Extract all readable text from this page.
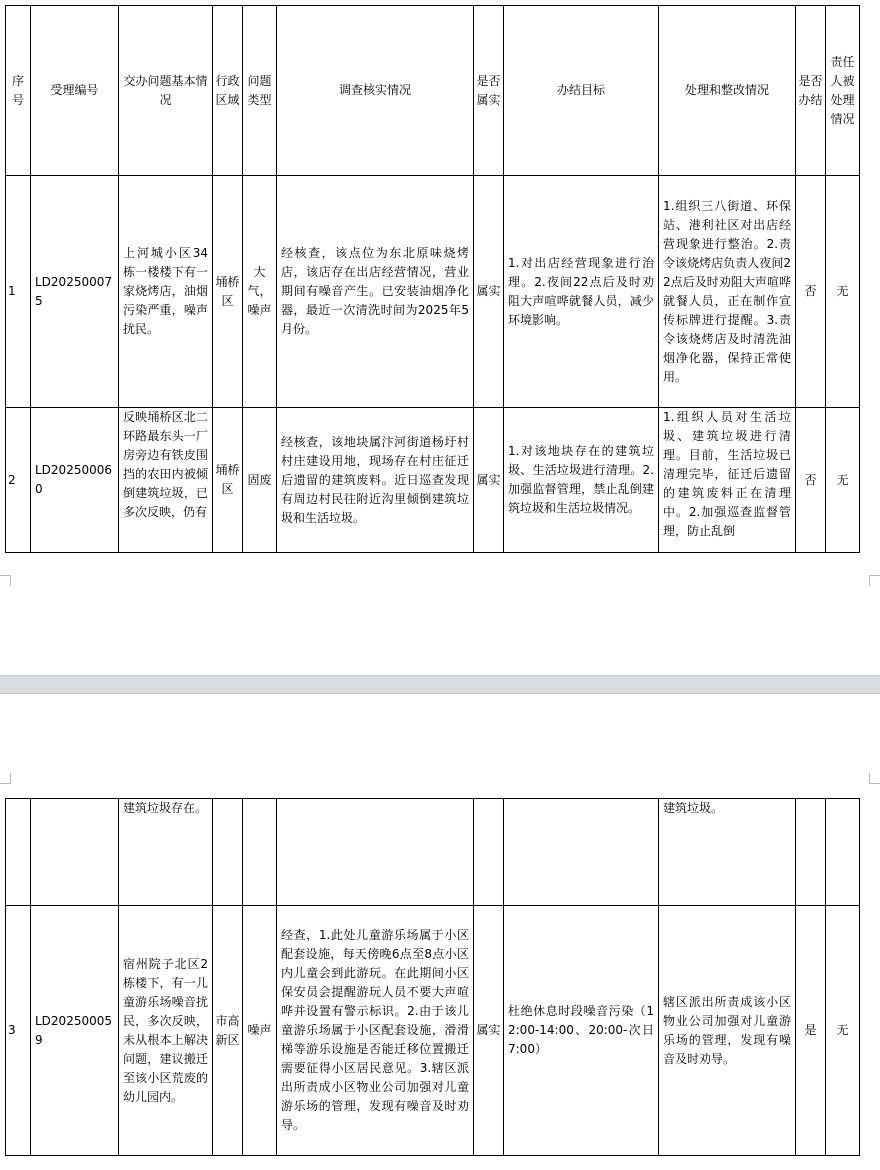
序号	受理编号	交办问题基本情况	行政区域	问题类型	调查核实情况	是否属实	办结目标	处理和整改情况	是否办结	责任人被处理情况
1	LD202500075	上河城小区34栋一楼楼下有一家烧烤店，油烟污染严重，噪声扰民。	埇桥区	大气，噪声	经核查，该点位为东北原味烧烤店，该店存在出店经营情况，营业期间有噪音产生。已安装油烟净化器，最近一次清洗时间为2025年5月份。	属实	1.对出店经营现象进行治理。2.夜间22点后及时劝阻大声喧哗就餐人员，减少环境影响。	1.组织三八街道、环保站、港利社区对出店经营现象进行整治。2.责令该烧烤店负责人夜间22点后及时劝阻大声喧哗就餐人员，正在制作宣传标牌进行提醒。3.责令该烧烤店及时清洗油烟净化器，保持正常使用。	否	无
2	LD202500060	反映埇桥区北二环路最东头一厂房旁边有铁皮围挡的农田内被倾倒建筑垃圾，已多次反映，仍有	埇桥区	固废	经核查，该地块属汴河街道杨圩村村庄建设用地，现场存在村庄征迁后遗留的建筑废料。近日巡查发现有周边村民往附近沟里倾倒建筑垃圾和生活垃圾。	属实	1.对该地块存在的建筑垃圾、生活垃圾进行清理。2.加强监督管理，禁止乱倒建筑垃圾和生活垃圾情况。	1.组织人员对生活垃圾、建筑垃圾进行清理。目前，生活垃圾已清理完毕，征迁后遗留的建筑废料正在清理中。2.加强巡查监督管理，防止乱倒	否	无
		建筑垃圾存在。						建筑垃圾。		
3	LD202500059	宿州院子北区2栋楼下，有一儿童游乐场噪音扰民，多次反映，未从根本上解决问题，建议搬迁至该小区荒废的幼儿园内。	市高新区	噪声	经查，1.此处儿童游乐场属于小区配套设施，每天傍晚6点至8点小区内儿童会到此游玩。在此期间小区保安员会提醒游玩人员不要大声喧哗并设置有警示标识。2.由于该儿童游乐场属于小区配套设施，滑滑梯等游乐设施是否能迁移位置搬迁需要征得小区居民意见。3.辖区派出所责成小区物业公司加强对儿童游乐场的管理，发现有噪音及时劝导。	属实	杜绝休息时段噪音污染（12:00-14:00、20:00-次日7:00）	辖区派出所责成该小区物业公司加强对儿童游乐场的管理，发现有噪音及时劝导。	是	无
